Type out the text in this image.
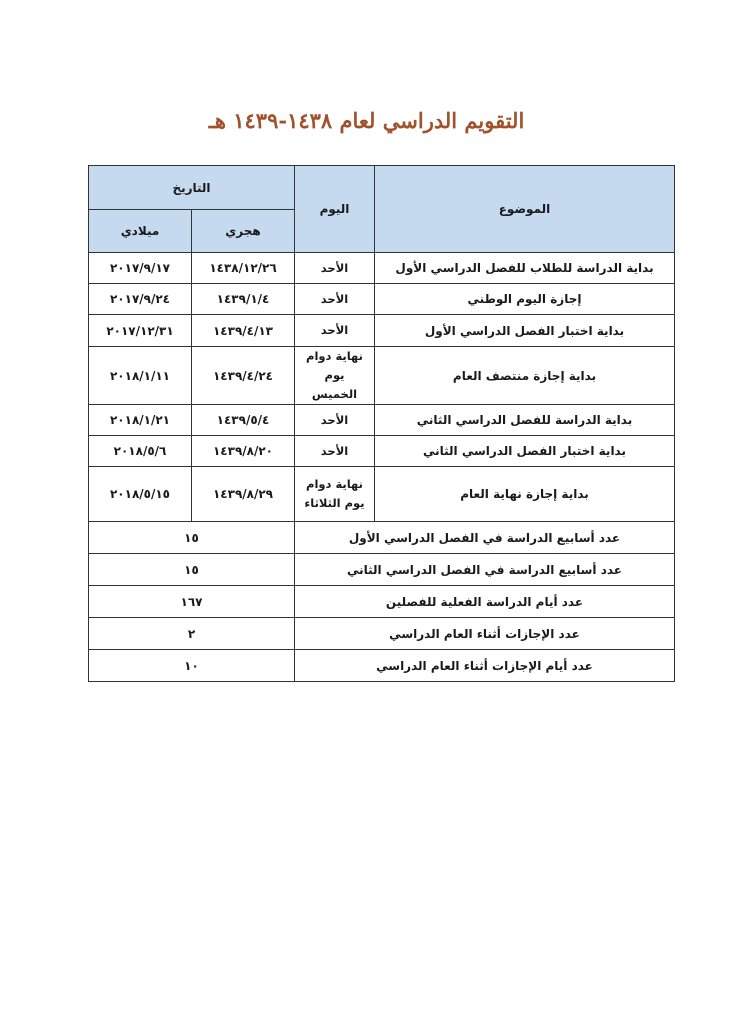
التقويم الدراسي لعام ١٤٣٨-١٤٣٩ هـ
الموضوع	اليوم	التاريخ	
		هجري	ميلادي
بداية الدراسة للطلاب للفصل الدراسي الأول	الأحد	١٤٣٨/١٢/٢٦	٢٠١٧/٩/١٧
إجازة اليوم الوطني	الأحد	١٤٣٩/١/٤	٢٠١٧/٩/٢٤
بداية اختبار الفصل الدراسي الأول	الأحد	١٤٣٩/٤/١٣	٢٠١٧/١٢/٣١
بداية إجازة منتصف العام	نهاية دوام يوم الخميس	١٤٣٩/٤/٢٤	٢٠١٨/١/١١
بداية الدراسة للفصل الدراسي الثاني	الأحد	١٤٣٩/٥/٤	٢٠١٨/١/٢١
بداية اختبار الفصل الدراسي الثاني	الأحد	١٤٣٩/٨/٢٠	٢٠١٨/٥/٦
بداية إجازة نهاية العام	نهاية دوام يوم الثلاثاء	١٤٣٩/٨/٢٩	٢٠١٨/٥/١٥
عدد أسابيع الدراسة في الفصل الدراسي الأول		١٥	
عدد أسابيع الدراسة في الفصل الدراسي الثاني		١٥	
عدد أيام الدراسة الفعلية للفصلين		١٦٧	
عدد الإجازات أثناء العام الدراسي		٢	
عدد أيام الإجازات أثناء العام الدراسي		١٠	
